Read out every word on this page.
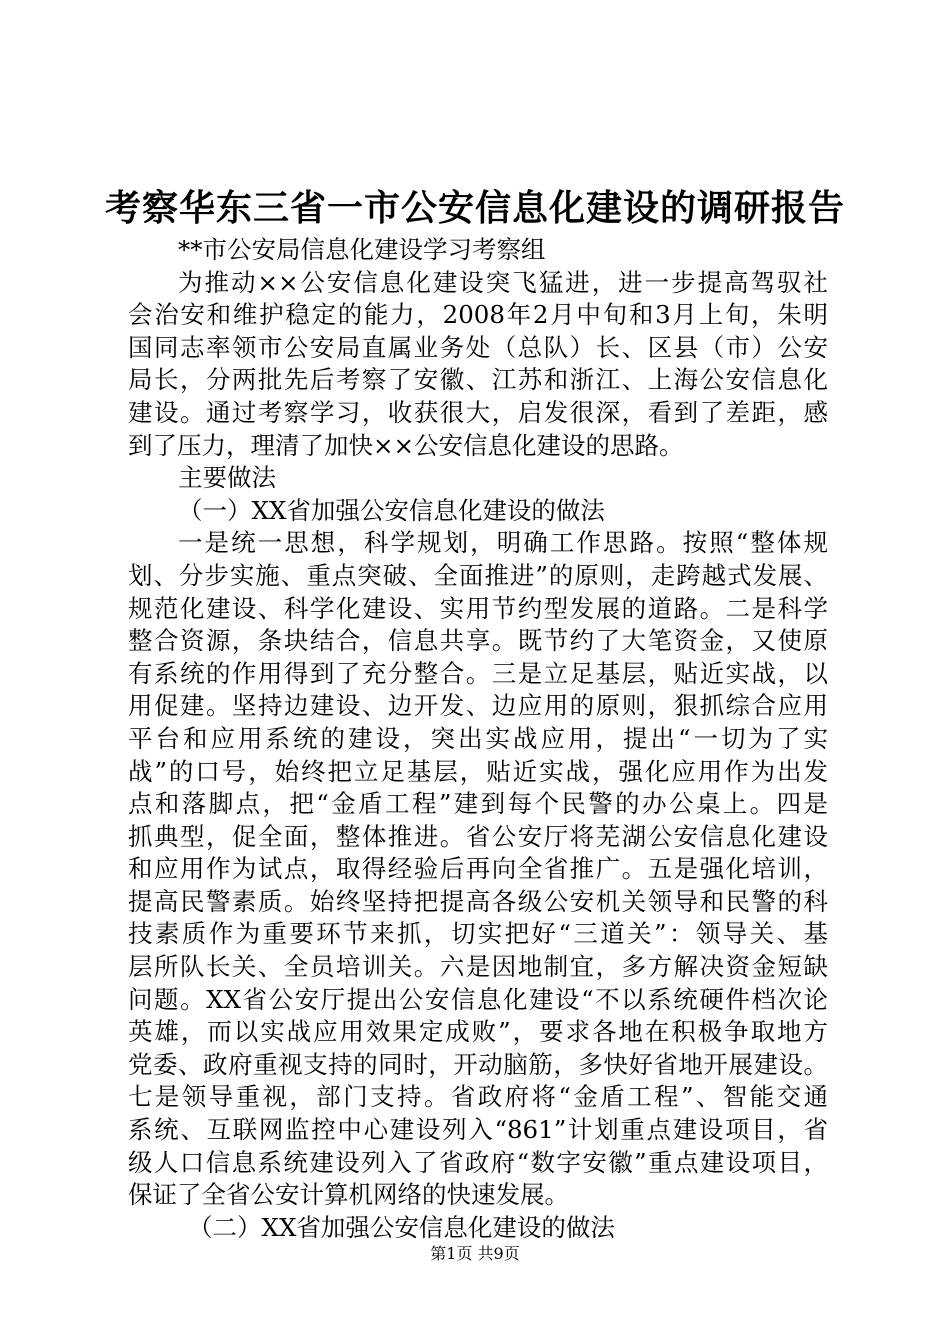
考察华东三省一市公安信息化建设的调研报告
**市公安局信息化建设学习考察组
为推动××公安信息化建设突飞猛进，进一步提高驾驭社
会治安和维护稳定的能力，2008年2月中旬和3月上旬，朱明
国同志率领市公安局直属业务处（总队）长、区县（市）公安
局长，分两批先后考察了安徽、江苏和浙江、上海公安信息化
建设。通过考察学习，收获很大，启发很深，看到了差距，感
到了压力，理清了加快××公安信息化建设的思路。
主要做法
（一）XX省加强公安信息化建设的做法
一是统一思想，科学规划，明确工作思路。按照“整体规
划、分步实施、重点突破、全面推进”的原则，走跨越式发展、
规范化建设、科学化建设、实用节约型发展的道路。二是科学
整合资源，条块结合，信息共享。既节约了大笔资金，又使原
有系统的作用得到了充分整合。三是立足基层，贴近实战，以
用促建。坚持边建设、边开发、边应用的原则，狠抓综合应用
平台和应用系统的建设，突出实战应用，提出“一切为了实
战”的口号，始终把立足基层，贴近实战，强化应用作为出发
点和落脚点，把“金盾工程”建到每个民警的办公桌上。四是
抓典型，促全面，整体推进。省公安厅将芜湖公安信息化建设
和应用作为试点，取得经验后再向全省推广。五是强化培训，
提高民警素质。始终坚持把提高各级公安机关领导和民警的科
技素质作为重要环节来抓，切实把好“三道关”：领导关、基
层所队长关、全员培训关。六是因地制宜，多方解决资金短缺
问题。XX省公安厅提出公安信息化建设“不以系统硬件档次论
英雄，而以实战应用效果定成败”，要求各地在积极争取地方
党委、政府重视支持的同时，开动脑筋，多快好省地开展建设。
七是领导重视，部门支持。省政府将“金盾工程”、智能交通
系统、互联网监控中心建设列入“861”计划重点建设项目，省
级人口信息系统建设列入了省政府“数字安徽”重点建设项目，
保证了全省公安计算机网络的快速发展。
（二）XX省加强公安信息化建设的做法
第1页 共9页
